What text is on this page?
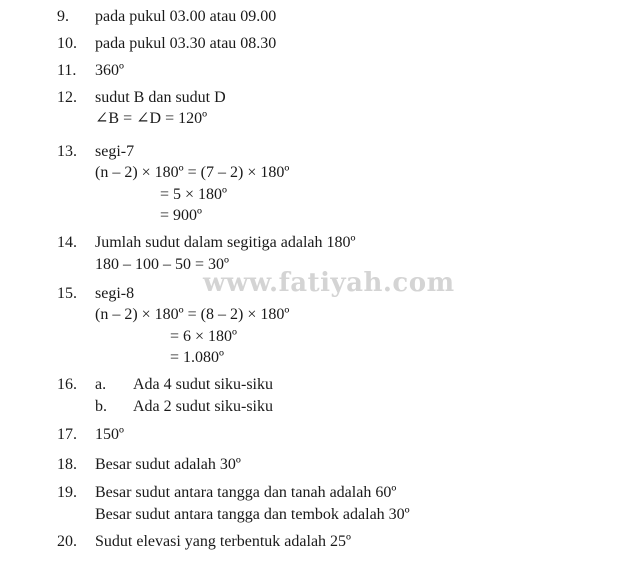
9. pada pukul 03.00 atau 09.00
10. pada pukul 03.30 atau 08.30
11. 360º
12. sudut B dan sudut D
∠B = ∠D = 120º
13. segi-7
(n – 2) × 180º = (7 – 2) × 180º
= 5 × 180º
= 900º
14. Jumlah sudut dalam segitiga adalah 180º
180 – 100 – 50 = 30º
15. segi-8
(n – 2) × 180º = (8 – 2) × 180º
= 6 × 180º
= 1.080º
16. a. Ada 4 sudut siku-siku
b. Ada 2 sudut siku-siku
17. 150º
18. Besar sudut adalah 30º
19. Besar sudut antara tangga dan tanah adalah 60º
Besar sudut antara tangga dan tembok adalah 30º
20. Sudut elevasi yang terbentuk adalah 25º
www.fatiyah.com
